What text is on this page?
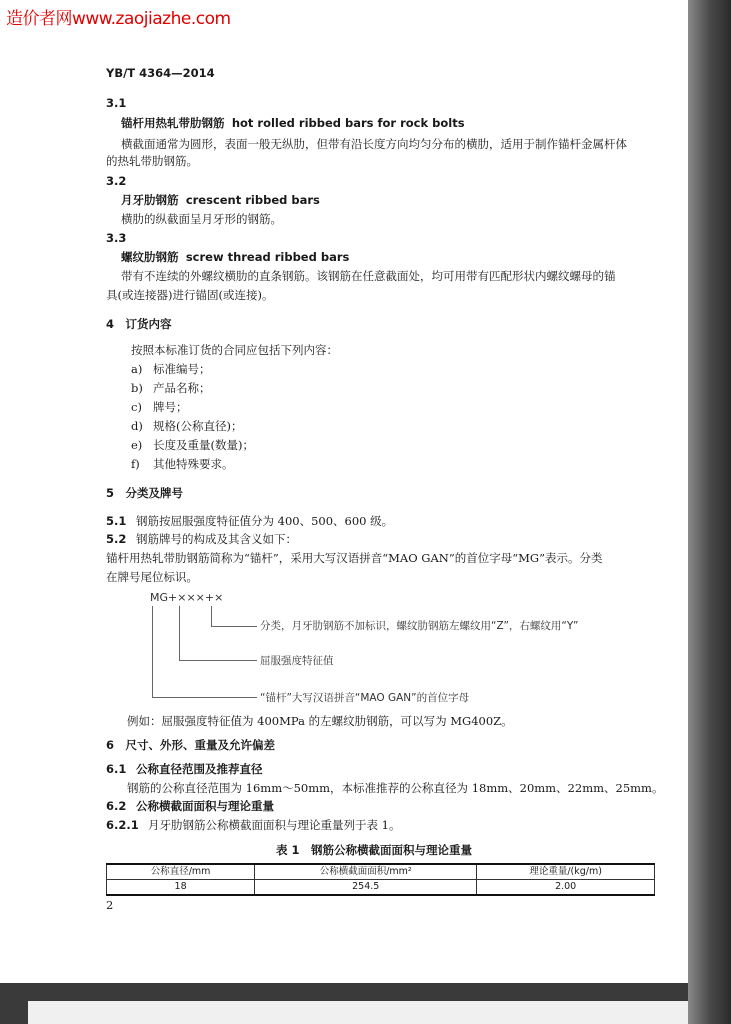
造价者网www.zaojiazhe.com
YB/T 4364—2014
3.1
锚杆用热轧带肋钢筋 hot rolled ribbed bars for rock bolts
横截面通常为圆形，表面一般无纵肋，但带有沿长度方向均匀分布的横肋，适用于制作锚杆金属杆体
的热轧带肋钢筋。
3.2
月牙肋钢筋 crescent ribbed bars
横肋的纵截面呈月牙形的钢筋。
3.3
螺纹肋钢筋 screw thread ribbed bars
带有不连续的外螺纹横肋的直条钢筋。该钢筋在任意截面处，均可用带有匹配形状内螺纹螺母的锚
具(或连接器)进行锚固(或连接)。
4　订货内容
按照本标准订货的合同应包括下列内容：
a) 标准编号；
b) 产品名称；
c) 牌号；
d) 规格(公称直径)；
e) 长度及重量(数量)；
f) 其他特殊要求。
5　分类及牌号
5.1 钢筋按屈服强度特征值分为 400、500、600 级。
5.2 钢筋牌号的构成及其含义如下：
锚杆用热轧带肋钢筋简称为“锚杆”，采用大写汉语拼音“MAO GAN”的首位字母“MG”表示。分类
在牌号尾位标识。
MG+×××+×
分类，月牙肋钢筋不加标识，螺纹肋钢筋左螺纹用“Z”，右螺纹用“Y”
屈服强度特征值
“锚杆”大写汉语拼音“MAO GAN”的首位字母
例如：屈服强度特征值为 400MPa 的左螺纹肋钢筋，可以写为 MG400Z。
6　尺寸、外形、重量及允许偏差
6.1 公称直径范围及推荐直径
钢筋的公称直径范围为 16mm～50mm，本标准推荐的公称直径为 18mm、20mm、22mm、25mm。
6.2 公称横截面面积与理论重量
6.2.1 月牙肋钢筋公称横截面面积与理论重量列于表 1。
表 1　钢筋公称横截面面积与理论重量
公称直径/mm	公称横截面面积/mm²	理论重量/(kg/m)
18	254.5	2.00
2
